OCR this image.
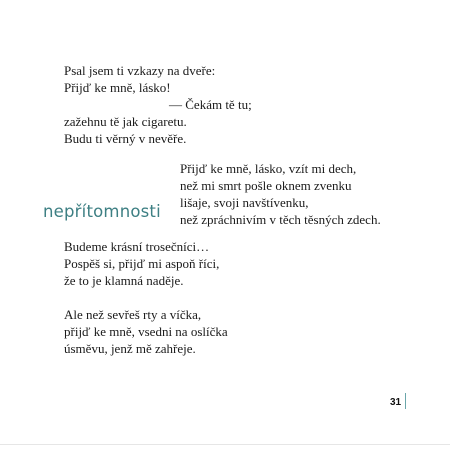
Psal jsem ti vzkazy na dveře:
Přijď ke mně, lásko!
— Čekám tě tu;
zažehnu tě jak cigaretu.
Budu ti věrný v nevěře.
Přijď ke mně, lásko, vzít mi dech,
než mi smrt pošle oknem zvenku
lišaje, svoji navštívenku,
než zpráchnivím v těch těsných zdech.
nepřítomnosti
Budeme krásní trosečníci…
Pospěš si, přijď mi aspoň říci,
že to je klamná naděje.
Ale než sevřeš rty a víčka,
přijď ke mně, vsedni na oslíčka
úsměvu, jenž mě zahřeje.
31
